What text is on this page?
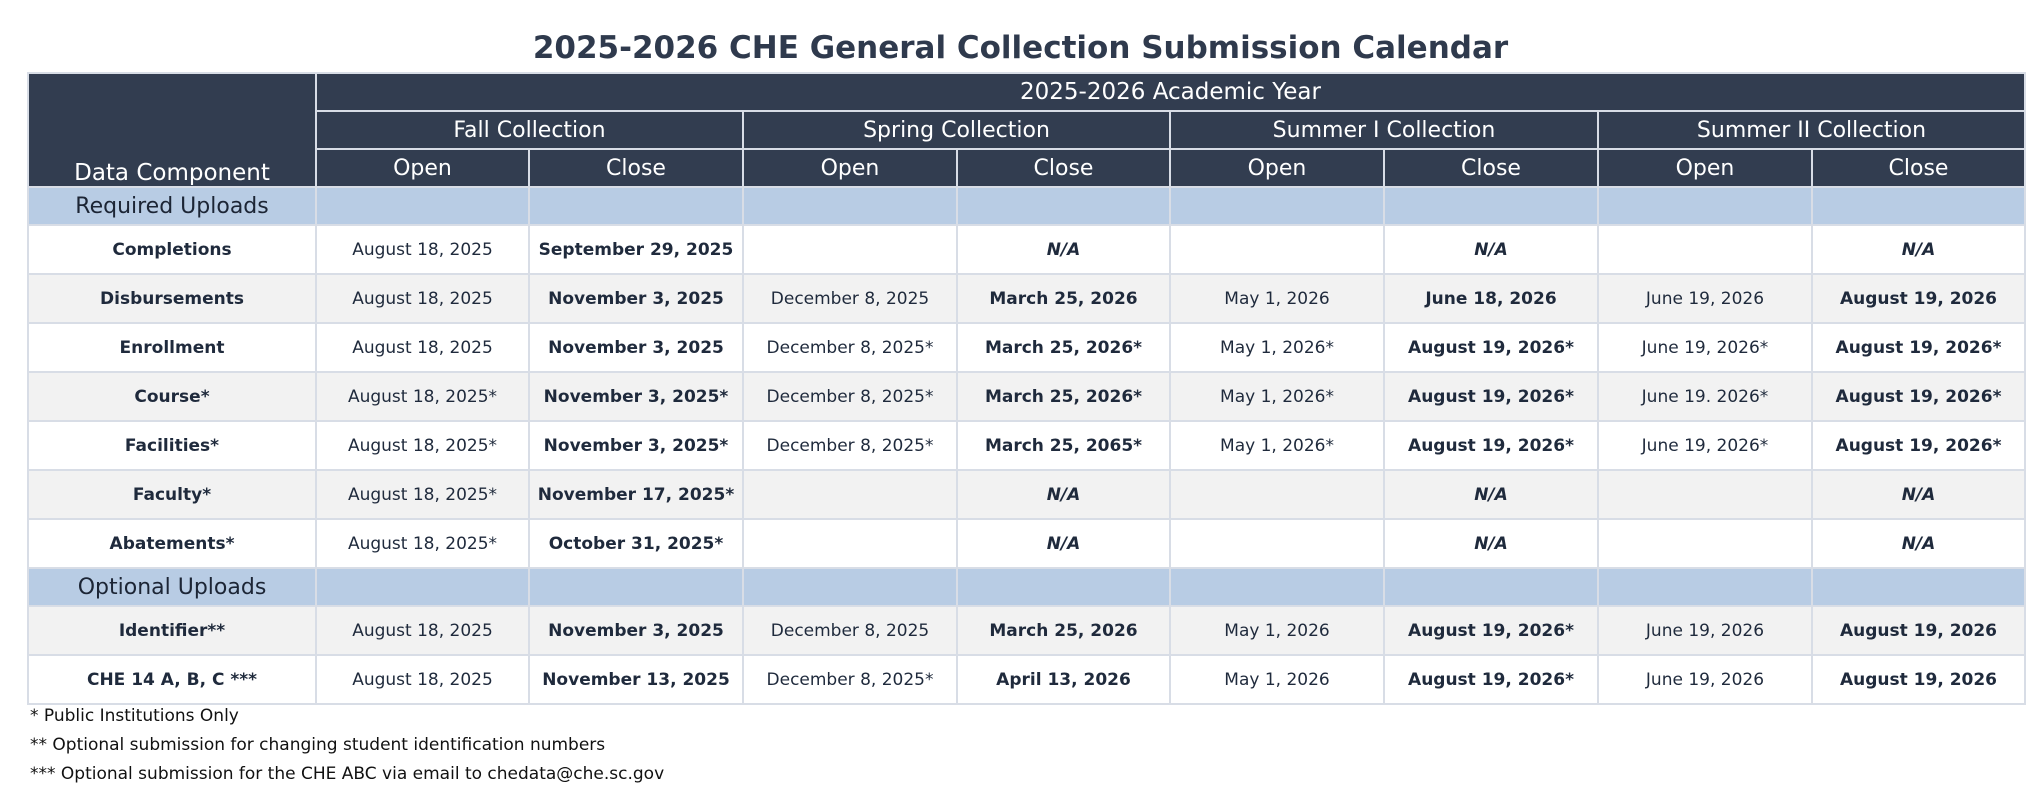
2025-2026 CHE General Collection Submission Calendar
Data Component	2025-2026 Academic Year							
	Fall Collection		Spring Collection		Summer I Collection		Summer II Collection	
	Open	Close	Open	Close	Open	Close	Open	Close
Required Uploads								
Completions	August 18, 2025	September 29, 2025		N/A		N/A		N/A
Disbursements	August 18, 2025	November 3, 2025	December 8, 2025	March 25, 2026	May 1, 2026	June 18, 2026	June 19, 2026	August 19, 2026
Enrollment	August 18, 2025	November 3, 2025	December 8, 2025*	March 25, 2026*	May 1, 2026*	August 19, 2026*	June 19, 2026*	August 19, 2026*
Course*	August 18, 2025*	November 3, 2025*	December 8, 2025*	March 25, 2026*	May 1, 2026*	August 19, 2026*	June 19. 2026*	August 19, 2026*
Facilities*	August 18, 2025*	November 3, 2025*	December 8, 2025*	March 25, 2065*	May 1, 2026*	August 19, 2026*	June 19, 2026*	August 19, 2026*
Faculty*	August 18, 2025*	November 17, 2025*		N/A		N/A		N/A
Abatements*	August 18, 2025*	October 31, 2025*		N/A		N/A		N/A
Optional Uploads								
Identifier**	August 18, 2025	November 3, 2025	December 8, 2025	March 25, 2026	May 1, 2026	August 19, 2026*	June 19, 2026	August 19, 2026
CHE 14 A, B, C ***	August 18, 2025	November 13, 2025	December 8, 2025*	April 13, 2026	May 1, 2026	August 19, 2026*	June 19, 2026	August 19, 2026
* Public Institutions Only
** Optional submission for changing student identification numbers
*** Optional submission for the CHE ABC via email to chedata@che.sc.gov
